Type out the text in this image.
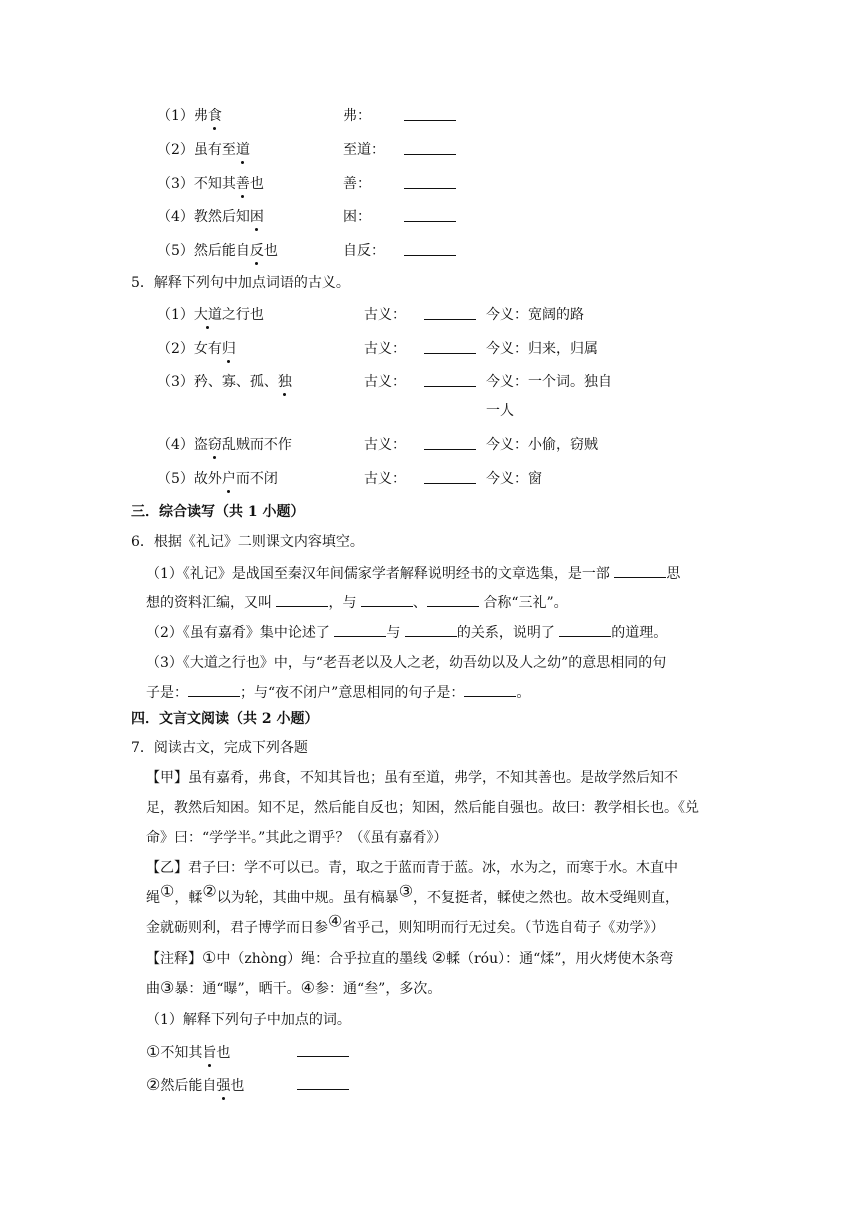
（1）弗食	弗：
（2）虽有至道	至道：
（3）不知其善也	善：
（4）教然后知困	困：
（5）然后能自反也	自反：
5．解释下列句中加点词语的古义。
（1）大道之行也	古义：	今义：宽阔的路
（2）女有归	古义：	今义：归来，归属
（3）矜、寡、孤、独	古义：	今义：一个词。独自
一人
（4）盗窃乱贼而不作	古义：	今义：小偷，窃贼
（5）故外户而不闭	古义：	今义：窗
三．综合读写（共 1 小题）
6．根据《礼记》二则课文内容填空。
（1）《礼记》是战国至秦汉年间儒家学者解释说明经书的文章选集，是一部	思
想的资料汇编，又叫	，与	、	合称“三礼”。
（2）《虽有嘉肴》集中论述了	与	的关系，说明了	的道理。
（3）《大道之行也》中，与“老吾老以及人之老，幼吾幼以及人之幼”的意思相同的句
子是：	；与“夜不闭户”意思相同的句子是：	。
四．文言文阅读（共 2 小题）
7．阅读古文，完成下列各题
【甲】虽有嘉肴，弗食，不知其旨也；虽有至道，弗学，不知其善也。是故学然后知不
足，教然后知困。知不足，然后能自反也；知困，然后能自强也。故曰：教学相长也。《兑
命》曰：“学学半。”其此之谓乎？（《虽有嘉肴》）
【乙】君子曰：学不可以已。青，取之于蓝而青于蓝。冰，水为之，而寒于水。木直中
绳①，輮②以为轮，其曲中规。虽有槁暴③，不复挺者，輮使之然也。故木受绳则直，
金就砺则利，君子博学而日参④省乎己，则知明而行无过矣。（节选自荀子《劝学》）
【注释】①中（zhòng）绳：合乎拉直的墨线 ②輮（róu）：通“煣”，用火烤使木条弯
曲③暴：通“曝”，晒干。④参：通“叁”，多次。
（1）解释下列句子中加点的词。
①不知其旨也
②然后能自强也
